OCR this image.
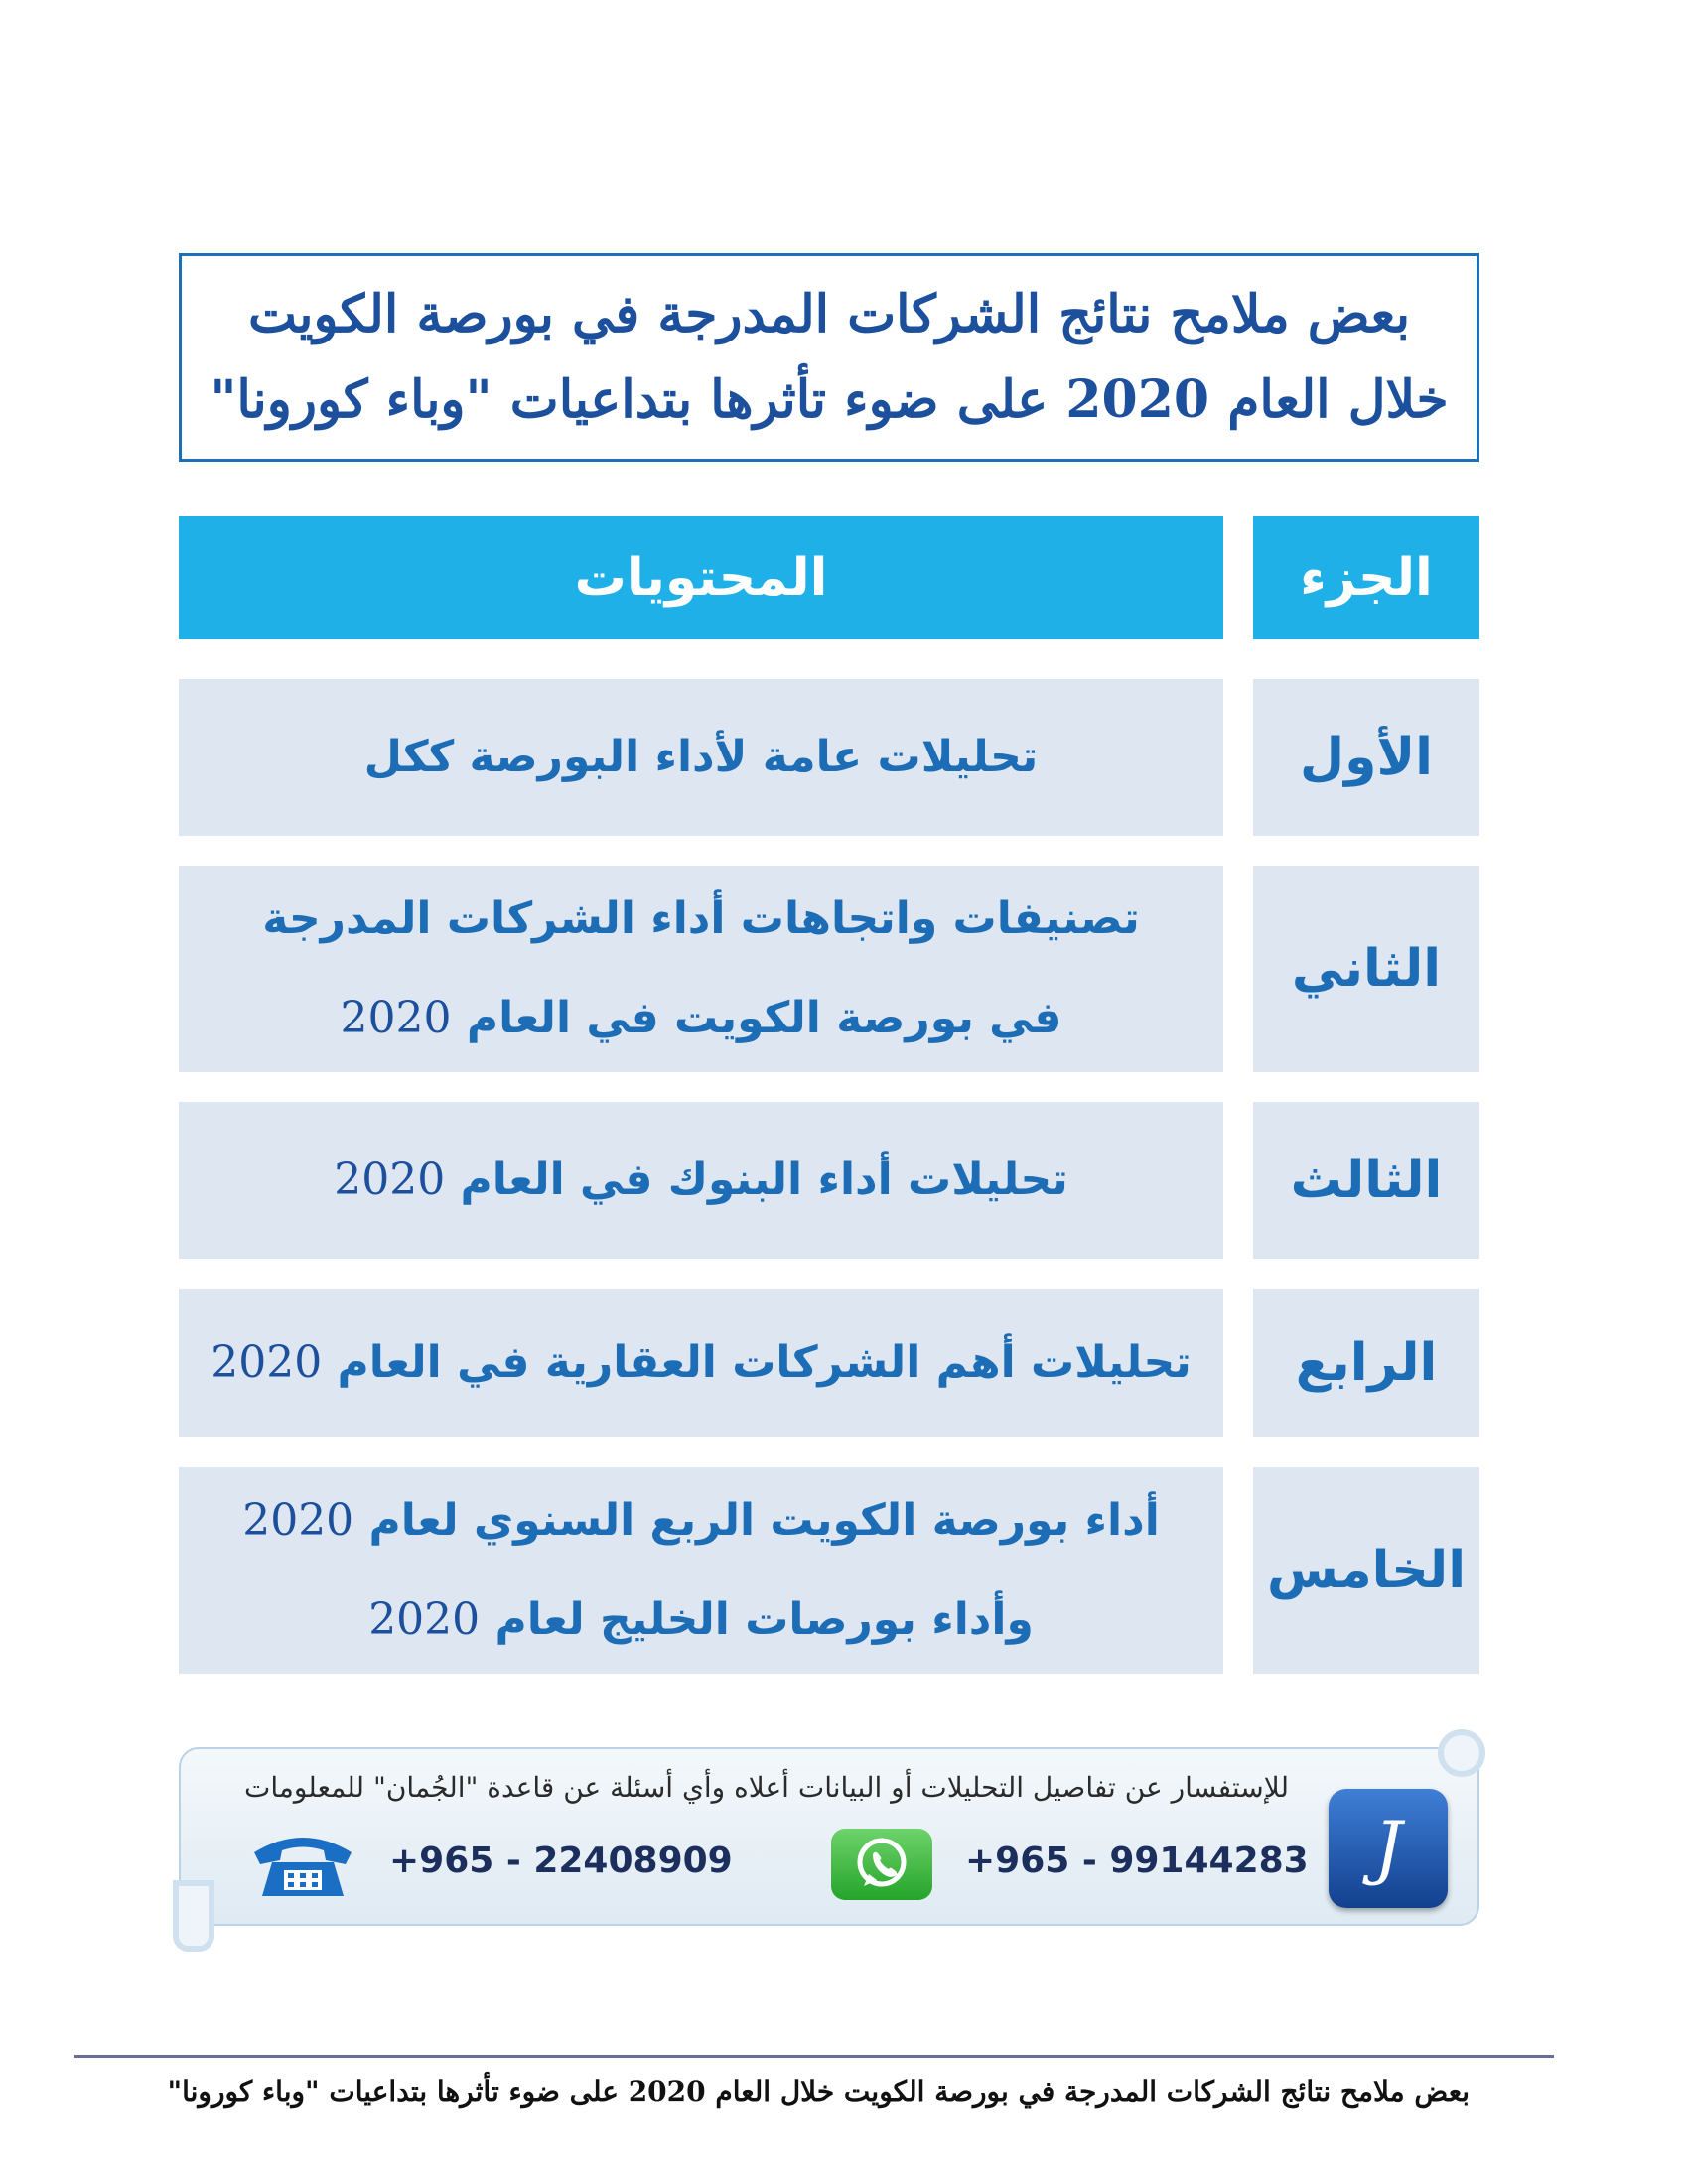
بعض ملامح نتائج الشركات المدرجة في بورصة الكويت
خلال العام 2020 على ضوء تأثرها بتداعيات "وباء كورونا"
الجزء
المحتويات
الأول
تحليلات عامة لأداء البورصة ككل
الثاني
تصنيفات واتجاهات أداء الشركات المدرجة
في بورصة الكويت في العام 2020
الثالث
تحليلات أداء البنوك في العام 2020
الرابع
تحليلات أهم الشركات العقارية في العام 2020
الخامس
أداء بورصة الكويت الربع السنوي لعام 2020
وأداء بورصات الخليج لعام 2020
للإستفسار عن تفاصيل التحليلات أو البيانات أعلاه وأي أسئلة عن قاعدة "الجُمان" للمعلومات
J
+965 - 99144283
+965 - 22408909
بعض ملامح نتائج الشركات المدرجة في بورصة الكويت خلال العام 2020 على ضوء تأثرها بتداعيات "وباء كورونا"
